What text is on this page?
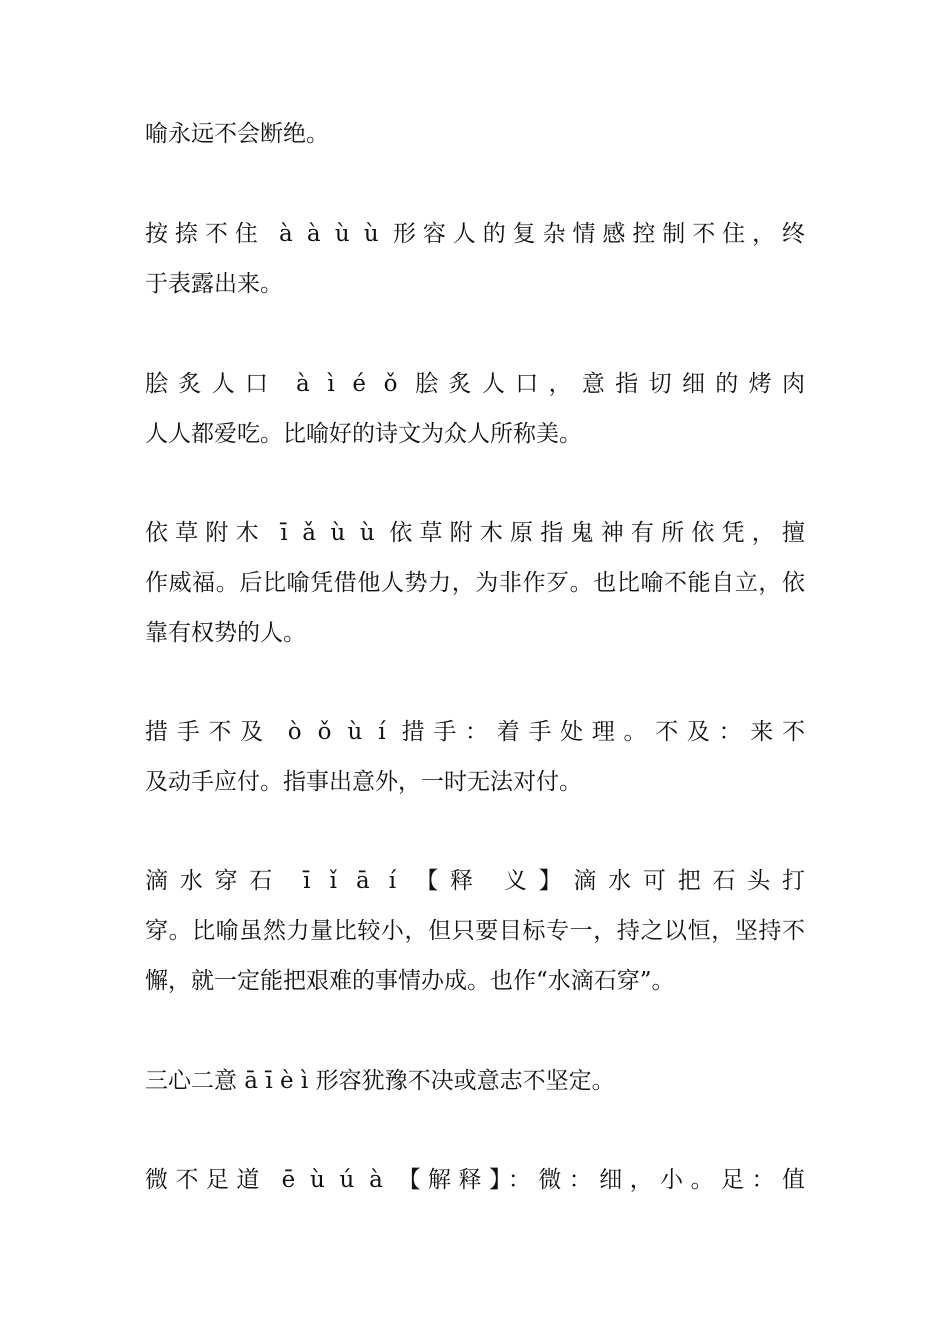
喻永远不会断绝。
按捺不住 à à ù ù 形容人的复杂情感控制不住，终
于表露出来。
脍炙人口 à ì é ǒ 脍炙人口，意指切细的烤肉
人人都爱吃。比喻好的诗文为众人所称美。
依草附木 ī ǎ ù ù 依草附木原指鬼神有所依凭，擅
作威福。后比喻凭借他人势力，为非作歹。也比喻不能自立，依
靠有权势的人。
措手不及 ò ǒ ù í 措手：着手处理。不及：来不
及动手应付。指事出意外，一时无法对付。
滴水穿石 ī ǐ ā í 【释 义】滴水可把石头打
穿。比喻虽然力量比较小，但只要目标专一，持之以恒，坚持不
懈，就一定能把艰难的事情办成。也作“水滴石穿”。
三心二意 ā ī è ì 形容犹豫不决或意志不坚定。
微不足道 ē ù ú à 【解释】：微：细，小。足：值
